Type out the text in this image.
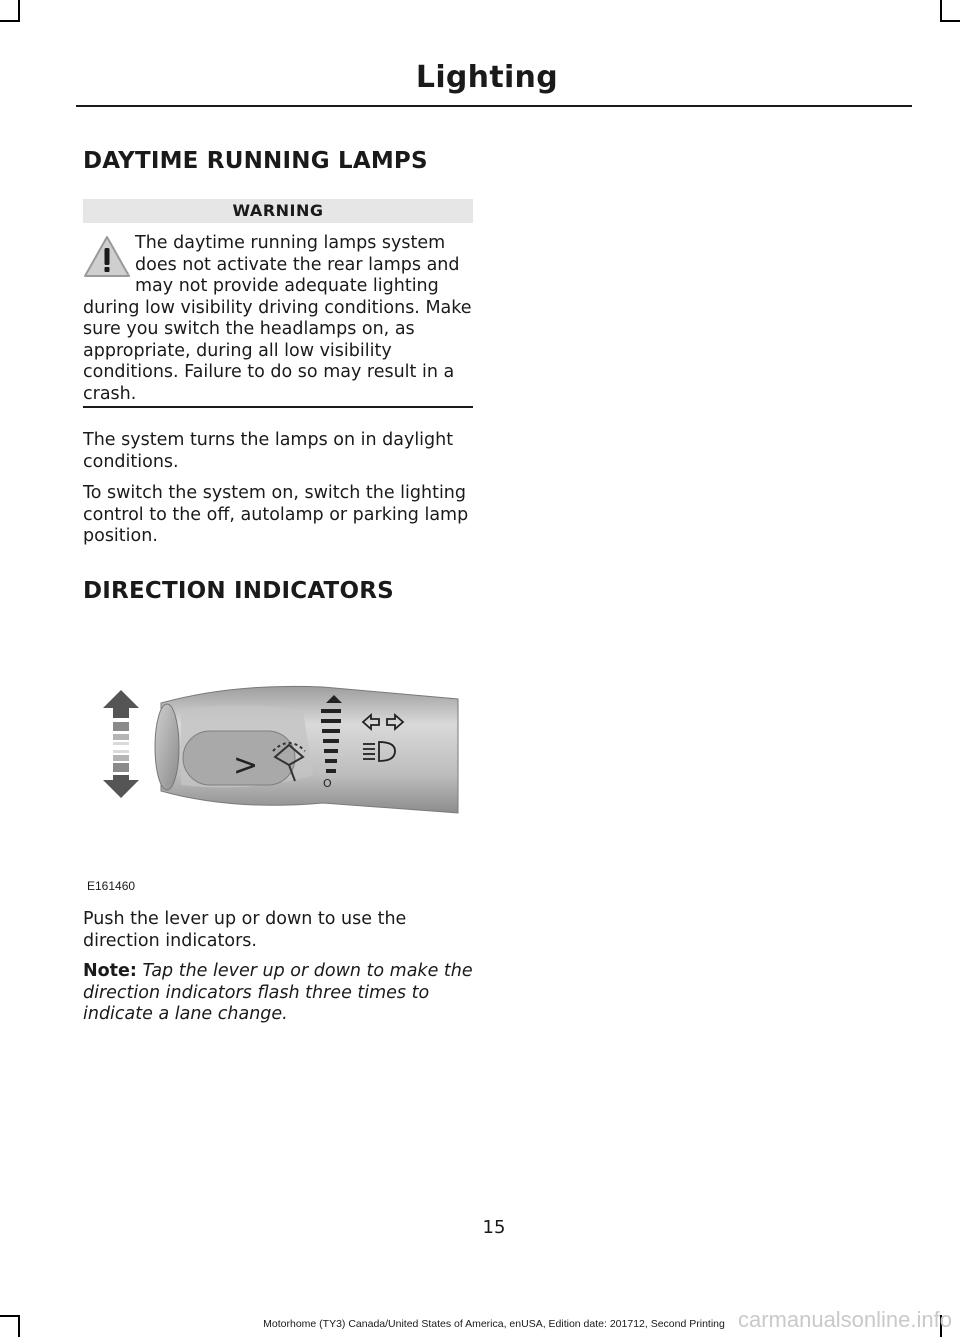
Lighting
DAYTIME RUNNING LAMPS
WARNING

The daytime running lamps system does not activate the rear lamps and may not provide adequate lighting during low visibility driving conditions. Make sure you switch the headlamps on, as appropriate, during all low visibility conditions. Failure to do so may result in a crash.

The system turns the lamps on in daylight conditions.

To switch the system on, switch the lighting control to the off, autolamp or parking lamp position.

DIRECTION INDICATORS
>
O
E161460

Push the lever up or down to use the direction indicators.

Note: Tap the lever up or down to make the direction indicators flash three times to indicate a lane change.

15
Motorhome (TY3) Canada/United States of America, enUSA, Edition date: 201712, Second Printing carmanualsonline.info
